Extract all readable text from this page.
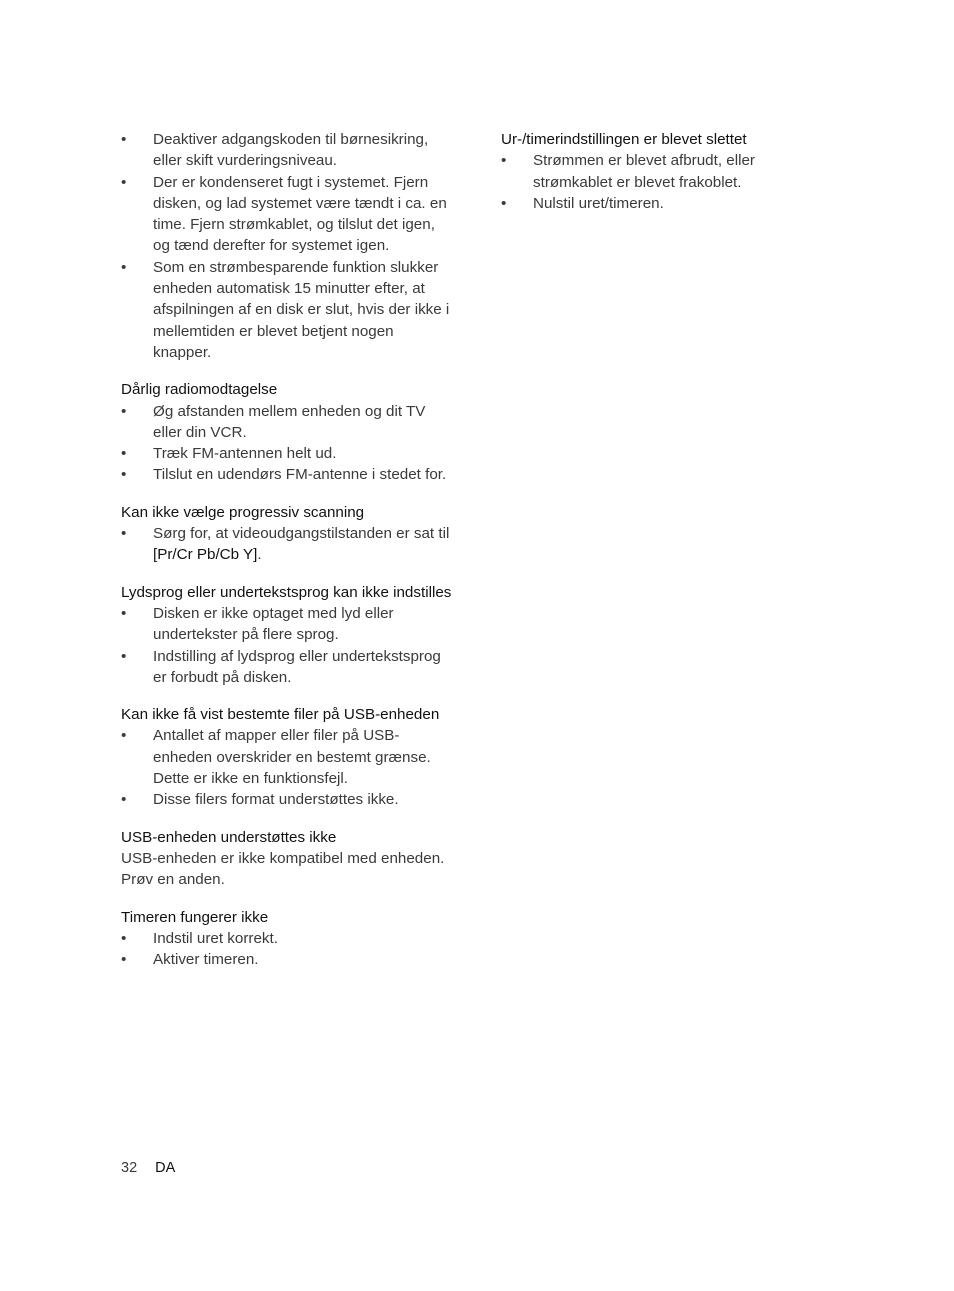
•	Deaktiver adgangskoden til børnesikring, eller skift vurderingsniveau.
•	Der er kondenseret fugt i systemet. Fjern disken, og lad systemet være tændt i ca. en time. Fjern strømkablet, og tilslut det igen, og tænd derefter for systemet igen.
•	Som en strømbesparende funktion slukker enheden automatisk 15 minutter efter, at afspilningen af en disk er slut, hvis der ikke i mellemtiden er blevet betjent nogen knapper.
Dårlig radiomodtagelse
•	Øg afstanden mellem enheden og dit TV eller din VCR.
•	Træk FM-antennen helt ud.
•	Tilslut en udendørs FM-antenne i stedet for.
Kan ikke vælge progressiv scanning
•	Sørg for, at videoudgangstilstanden er sat til [Pr/Cr Pb/Cb Y].
Lydsprog eller undertekstsprog kan ikke indstilles
•	Disken er ikke optaget med lyd eller undertekster på flere sprog.
•	Indstilling af lydsprog eller undertekstsprog er forbudt på disken.
Kan ikke få vist bestemte filer på USB-enheden
•	Antallet af mapper eller filer på USB-enheden overskrider en bestemt grænse. Dette er ikke en funktionsfejl.
•	Disse filers format understøttes ikke.
USB-enheden understøttes ikke

USB-enheden er ikke kompatibel med enheden. Prøv en anden.

Timeren fungerer ikke
•	Indstil uret korrekt.
•	Aktiver timeren.
Ur-/timerindstillingen er blevet slettet
•	Strømmen er blevet afbrudt, eller strømkablet er blevet frakoblet.
•	Nulstil uret/timeren.
32 DA
